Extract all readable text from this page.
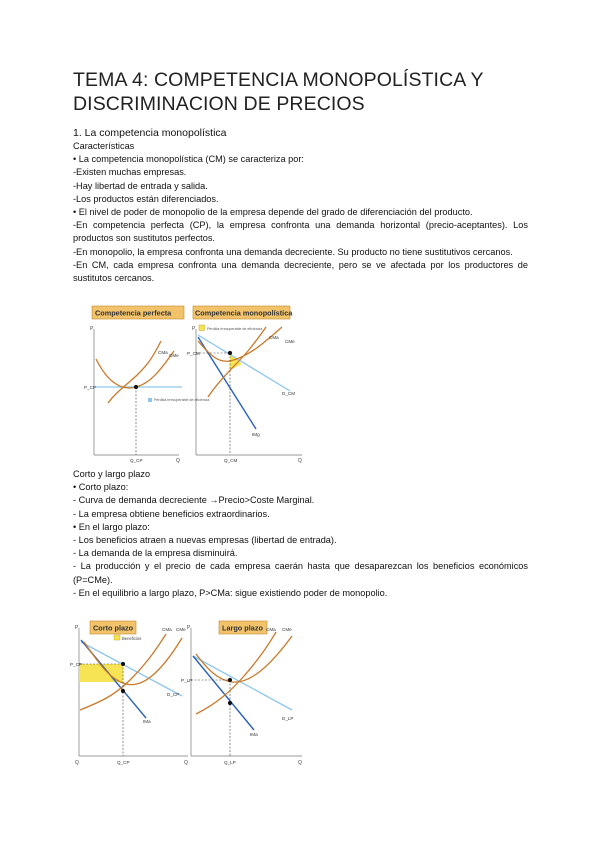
TEMA 4: COMPETENCIA MONOPOLÍSTICA Y
DISCRIMINACION DE PRECIOS
1. La competencia monopolística

Características

• La competencia monopolística (CM) se caracteriza por:

-Existen muchas empresas.

-Hay libertad de entrada y salida.

-Los productos están diferenciados.

• El nivel de poder de monopolio de la empresa depende del grado de diferenciación del producto.

-En competencia perfecta (CP), la empresa confronta una demanda horizontal (precio-aceptantes). Los productos son sustitutos perfectos.

-En monopolio, la empresa confronta una demanda decreciente. Su producto no tiene sustitutivos cercanos.

-En CM, cada empresa confronta una demanda decreciente, pero se ve afectada por los productores de sustitutos cercanos.

Competencia perfecta	Competencia monopolística
P
Q
CMa
CMe
P_CP
Q_CP
Pérdida irrecuperable de eficiencia
P
Q
Pérdida irrecuperable de eficiencia
CMa
CMe
P_CM
Q_CM
D_CM
IMg

Corto y largo plazo

• Corto plazo:

- Curva de demanda decreciente →Precio>Coste Marginal.

- La empresa obtiene beneficios extraordinarios.

• En el largo plazo:

- Los beneficios atraen a nuevas empresas (libertad de entrada).

- La demanda de la empresa disminuirá.

- La producción y el precio de cada empresa caerán hasta que desaparezcan los beneficios económicos (P=CMe).

- En el equilibrio a largo plazo, P>CMa: sigue existiendo poder de monopolio.

Corto plazo	Largo plazo
P
Q	Q
Beneficios
CMa CMe
P_CP
Q_CP
D_CP
IMa
P
Q
CMa CMe
P_LP
Q_LP
D_LP
IMa
